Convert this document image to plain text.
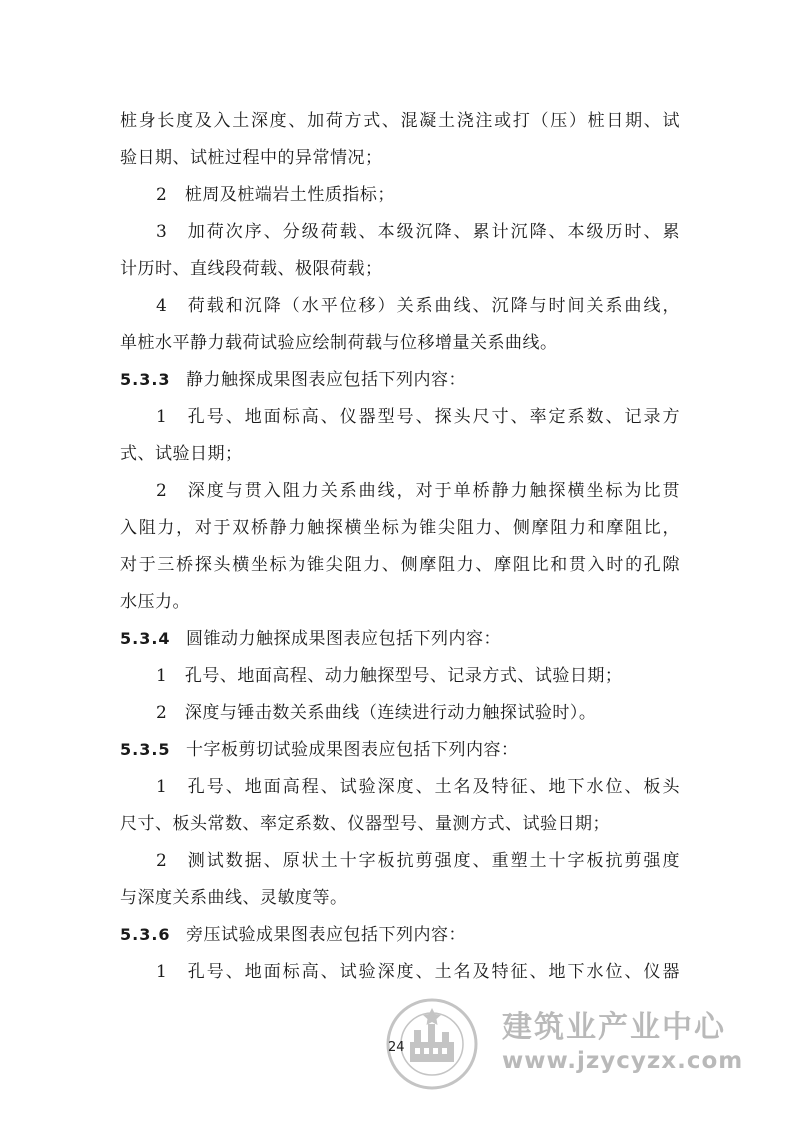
桩身长度及入土深度、加荷方式、混凝土浇注或打（压）桩日期、试
验日期、试桩过程中的异常情况；
2　桩周及桩端岩土性质指标；
3　加荷次序、分级荷载、本级沉降、累计沉降、本级历时、累
计历时、直线段荷载、极限荷载；
4　荷载和沉降（水平位移）关系曲线、沉降与时间关系曲线，
单桩水平静力载荷试验应绘制荷载与位移增量关系曲线。
5.3.3 静力触探成果图表应包括下列内容：
1　孔号、地面标高、仪器型号、探头尺寸、率定系数、记录方
式、试验日期；
2　深度与贯入阻力关系曲线，对于单桥静力触探横坐标为比贯
入阻力，对于双桥静力触探横坐标为锥尖阻力、侧摩阻力和摩阻比，
对于三桥探头横坐标为锥尖阻力、侧摩阻力、摩阻比和贯入时的孔隙
水压力。
5.3.4 圆锥动力触探成果图表应包括下列内容：
1　孔号、地面高程、动力触探型号、记录方式、试验日期；
2　深度与锤击数关系曲线（连续进行动力触探试验时）。
5.3.5 十字板剪切试验成果图表应包括下列内容：
1　孔号、地面高程、试验深度、土名及特征、地下水位、板头
尺寸、板头常数、率定系数、仪器型号、量测方式、试验日期；
2　测试数据、原状土十字板抗剪强度、重塑土十字板抗剪强度
与深度关系曲线、灵敏度等。
5.3.6 旁压试验成果图表应包括下列内容：
1　孔号、地面标高、试验深度、土名及特征、地下水位、仪器
建筑业产业中心
www.jzycyzx.com
24
